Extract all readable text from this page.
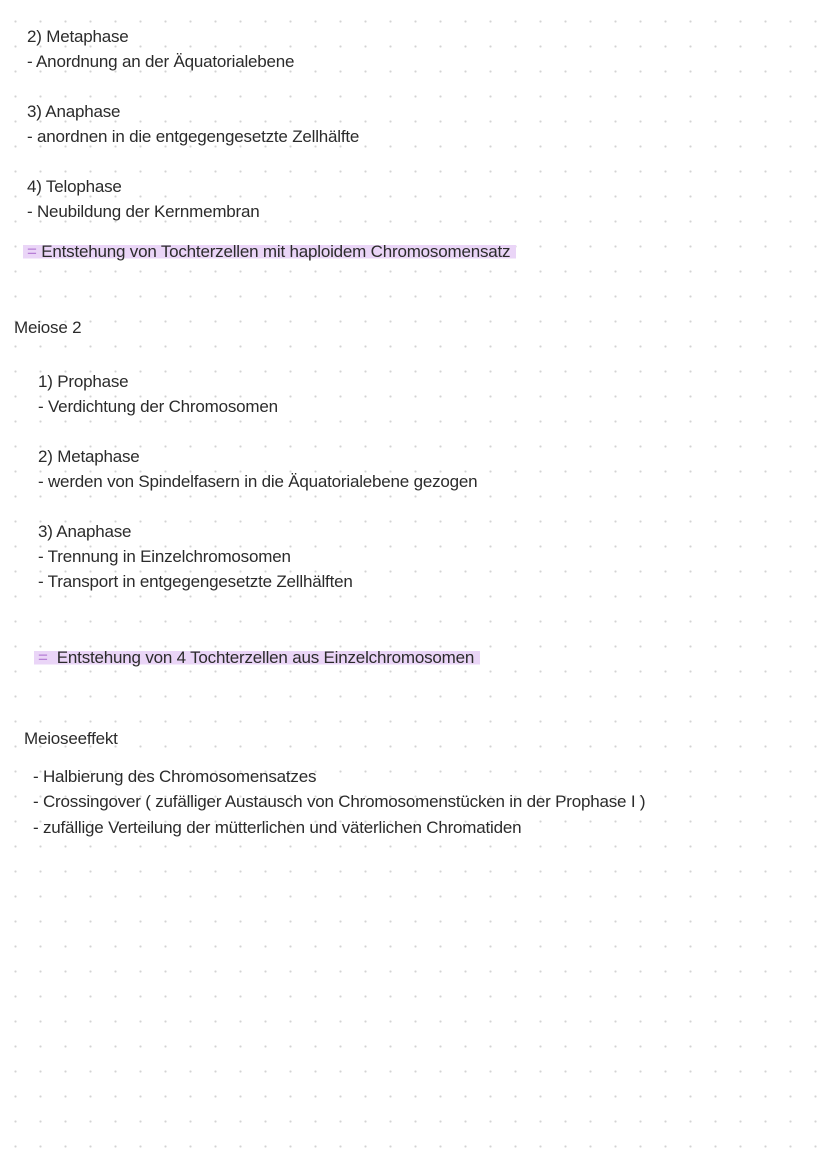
2) Metaphase
- Anordnung an der Äquatorialebene
3) Anaphase
- anordnen in die entgegengesetzte Zellhälfte
4) Telophase
- Neubildung der Kernmembran
= Entstehung von Tochterzellen mit haploidem Chromosomensatz
Meiose 2
1) Prophase
- Verdichtung der Chromosomen
2) Metaphase
- werden von Spindelfasern in die Äquatorialebene gezogen
3) Anaphase
- Trennung in Einzelchromosomen
- Transport in entgegengesetzte Zellhälften
= Entstehung von 4 Tochterzellen aus Einzelchromosomen
Meioseeffekt
- Halbierung des Chromosomensatzes
- Crossingover ( zufälliger Austausch von Chromosomenstücken in der Prophase I )
- zufällige Verteilung der mütterlichen und väterlichen Chromatiden
